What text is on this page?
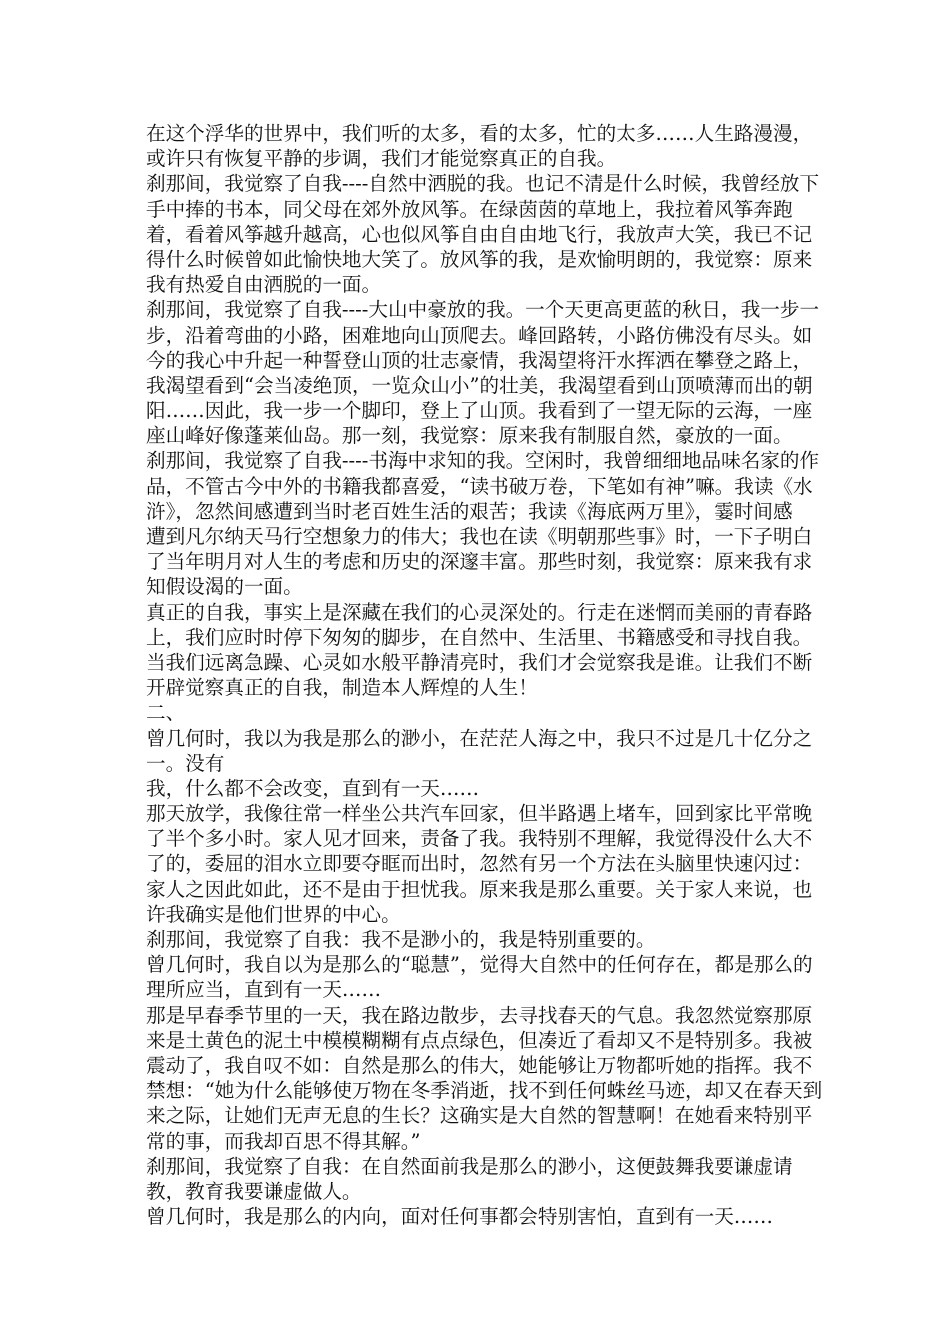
在这个浮华的世界中，我们听的太多，看的太多，忙的太多……人生路漫漫，
或许只有恢复平静的步调，我们才能觉察真正的自我。
刹那间，我觉察了自我----自然中洒脱的我。也记不清是什么时候，我曾经放下
手中捧的书本，同父母在郊外放风筝。在绿茵茵的草地上，我拉着风筝奔跑
着，看着风筝越升越高，心也似风筝自由自由地飞行，我放声大笑，我已不记
得什么时候曾如此愉快地大笑了。放风筝的我，是欢愉明朗的，我觉察：原来
我有热爱自由洒脱的一面。
刹那间，我觉察了自我----大山中豪放的我。一个天更高更蓝的秋日，我一步一
步，沿着弯曲的小路，困难地向山顶爬去。峰回路转，小路仿佛没有尽头。如
今的我心中升起一种誓登山顶的壮志豪情，我渴望将汗水挥洒在攀登之路上，
我渴望看到“会当凌绝顶，一览众山小”的壮美，我渴望看到山顶喷薄而出的朝
阳……因此，我一步一个脚印，登上了山顶。我看到了一望无际的云海，一座
座山峰好像蓬莱仙岛。那一刻，我觉察：原来我有制服自然，豪放的一面。
刹那间，我觉察了自我----书海中求知的我。空闲时，我曾细细地品味名家的作
品，不管古今中外的书籍我都喜爱，“读书破万卷，下笔如有神”嘛。我读《水
浒》，忽然间感遭到当时老百姓生活的艰苦；我读《海底两万里》，霎时间感
遭到凡尔纳天马行空想象力的伟大；我也在读《明朝那些事》时，一下子明白
了当年明月对人生的考虑和历史的深邃丰富。那些时刻，我觉察：原来我有求
知假设渴的一面。
真正的自我，事实上是深藏在我们的心灵深处的。行走在迷惘而美丽的青春路
上，我们应时时停下匆匆的脚步，在自然中、生活里、书籍感受和寻找自我。
当我们远离急躁、心灵如水般平静清亮时，我们才会觉察我是谁。让我们不断
开辟觉察真正的自我，制造本人辉煌的人生！
二、
曾几何时，我以为我是那么的渺小，在茫茫人海之中，我只不过是几十亿分之
一。没有
我，什么都不会改变，直到有一天……
那天放学，我像往常一样坐公共汽车回家，但半路遇上堵车，回到家比平常晚
了半个多小时。家人见才回来，责备了我。我特别不理解，我觉得没什么大不
了的，委屈的泪水立即要夺眶而出时，忽然有另一个方法在头脑里快速闪过：
家人之因此如此，还不是由于担忧我。原来我是那么重要。关于家人来说，也
许我确实是他们世界的中心。
刹那间，我觉察了自我：我不是渺小的，我是特别重要的。
曾几何时，我自以为是那么的“聪慧”，觉得大自然中的任何存在，都是那么的
理所应当，直到有一天……
那是早春季节里的一天，我在路边散步，去寻找春天的气息。我忽然觉察那原
来是土黄色的泥土中模模糊糊有点点绿色，但凑近了看却又不是特别多。我被
震动了，我自叹不如：自然是那么的伟大，她能够让万物都听她的指挥。我不
禁想：“她为什么能够使万物在冬季消逝，找不到任何蛛丝马迹，却又在春天到
来之际，让她们无声无息的生长？这确实是大自然的智慧啊！在她看来特别平
常的事，而我却百思不得其解。”
刹那间，我觉察了自我：在自然面前我是那么的渺小，这便鼓舞我要谦虚请
教，教育我要谦虚做人。
曾几何时，我是那么的内向，面对任何事都会特别害怕，直到有一天……
